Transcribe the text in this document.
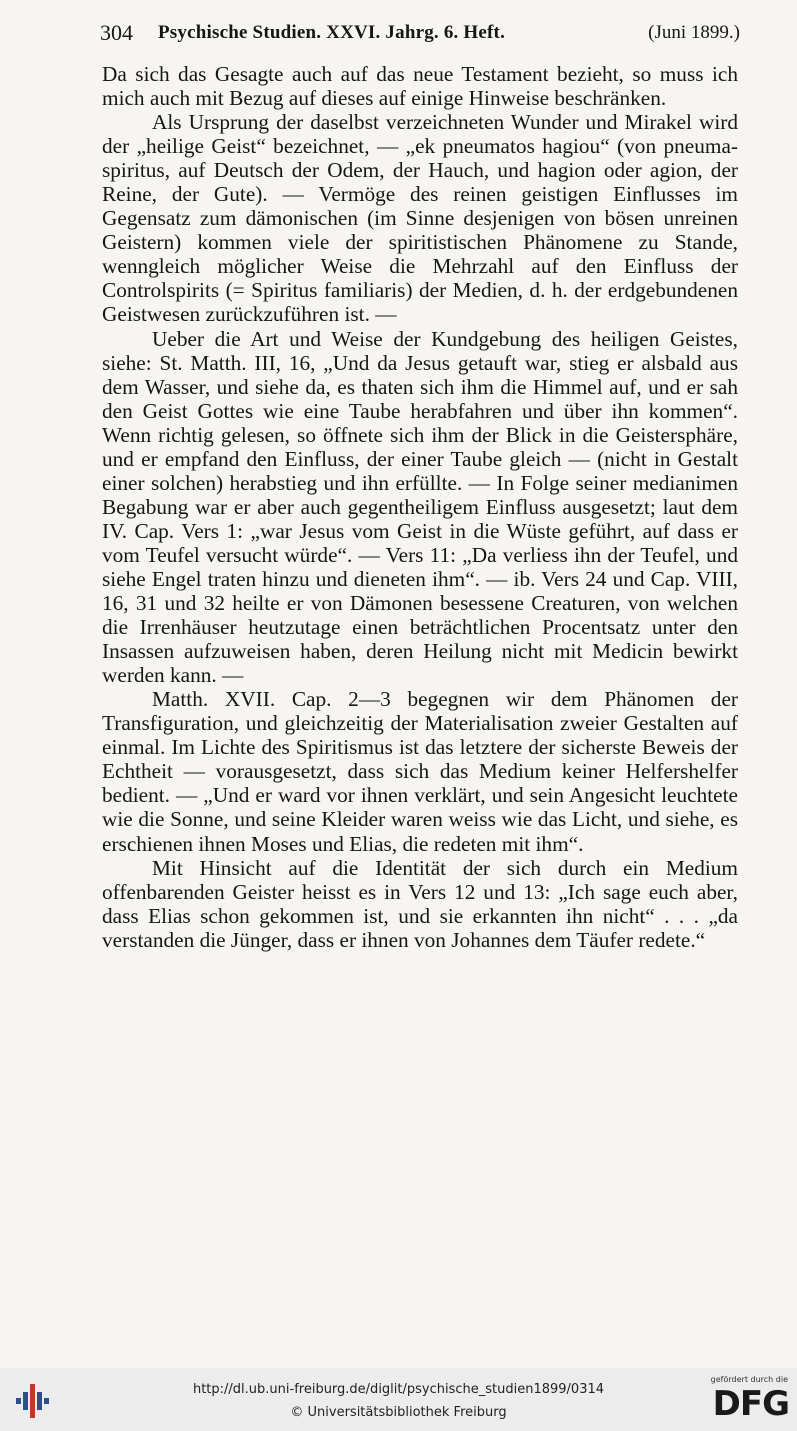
304 Psychische Studien. XXVI. Jahrg. 6. Heft.	(Juni 1899.)

Da sich das Gesagte auch auf das neue Testament bezieht, so muss ich mich auch mit Bezug auf dieses auf einige Hinweise beschränken.

Als Ursprung der daselbst verzeichneten Wunder und Mirakel wird der „heilige Geist“ bezeichnet, — „ek pneumatos hagiou“ (von pneuma-spiritus, auf Deutsch der Odem, der Hauch, und hagion oder agion, der Reine, der Gute). — Vermöge des reinen geistigen Einflusses im Gegensatz zum dämonischen (im Sinne desjenigen von bösen unreinen Geistern) kommen viele der spiritistischen Phänomene zu Stande, wenngleich möglicher Weise die Mehrzahl auf den Einfluss der Controlspirits (= Spiritus familiaris) der Medien, d. h. der erdgebundenen Geistwesen zurückzuführen ist. —

Ueber die Art und Weise der Kundgebung des heiligen Geistes, siehe: St. Matth. III, 16, „Und da Jesus getauft war, stieg er alsbald aus dem Wasser, und siehe da, es thaten sich ihm die Himmel auf, und er sah den Geist Gottes wie eine Taube herabfahren und über ihn kommen“. Wenn richtig gelesen, so öffnete sich ihm der Blick in die Geistersphäre, und er empfand den Einfluss, der einer Taube gleich — (nicht in Gestalt einer solchen) herabstieg und ihn erfüllte. — In Folge seiner medianimen Begabung war er aber auch gegentheiligem Einfluss ausgesetzt; laut dem IV. Cap. Vers 1: „war Jesus vom Geist in die Wüste geführt, auf dass er vom Teufel versucht würde“. — Vers 11: „Da verliess ihn der Teufel, und siehe Engel traten hinzu und dieneten ihm“. — ib. Vers 24 und Cap. VIII, 16, 31 und 32 heilte er von Dämonen besessene Creaturen, von welchen die Irrenhäuser heutzutage einen beträchtlichen Procentsatz unter den Insassen aufzuweisen haben, deren Heilung nicht mit Medicin bewirkt werden kann. —

Matth. XVII. Cap. 2—3 begegnen wir dem Phänomen der Transfiguration, und gleichzeitig der Materialisation zweier Gestalten auf einmal. Im Lichte des Spiritismus ist das letztere der sicherste Beweis der Echtheit — vorausgesetzt, dass sich das Medium keiner Helfershelfer bedient. — „Und er ward vor ihnen verklärt, und sein Angesicht leuchtete wie die Sonne, und seine Kleider waren weiss wie das Licht, und siehe, es erschienen ihnen Moses und Elias, die redeten mit ihm“.

Mit Hinsicht auf die Identität der sich durch ein Medium offenbarenden Geister heisst es in Vers 12 und 13: „Ich sage euch aber, dass Elias schon gekommen ist, und sie erkannten ihn nicht“ . . . „da verstanden die Jünger, dass er ihnen von Johannes dem Täufer redete.“

http://dl.ub.uni-freiburg.de/diglit/psychische_studien1899/0314
© Universitätsbibliothek Freiburg
gefördert durch die
DFG
